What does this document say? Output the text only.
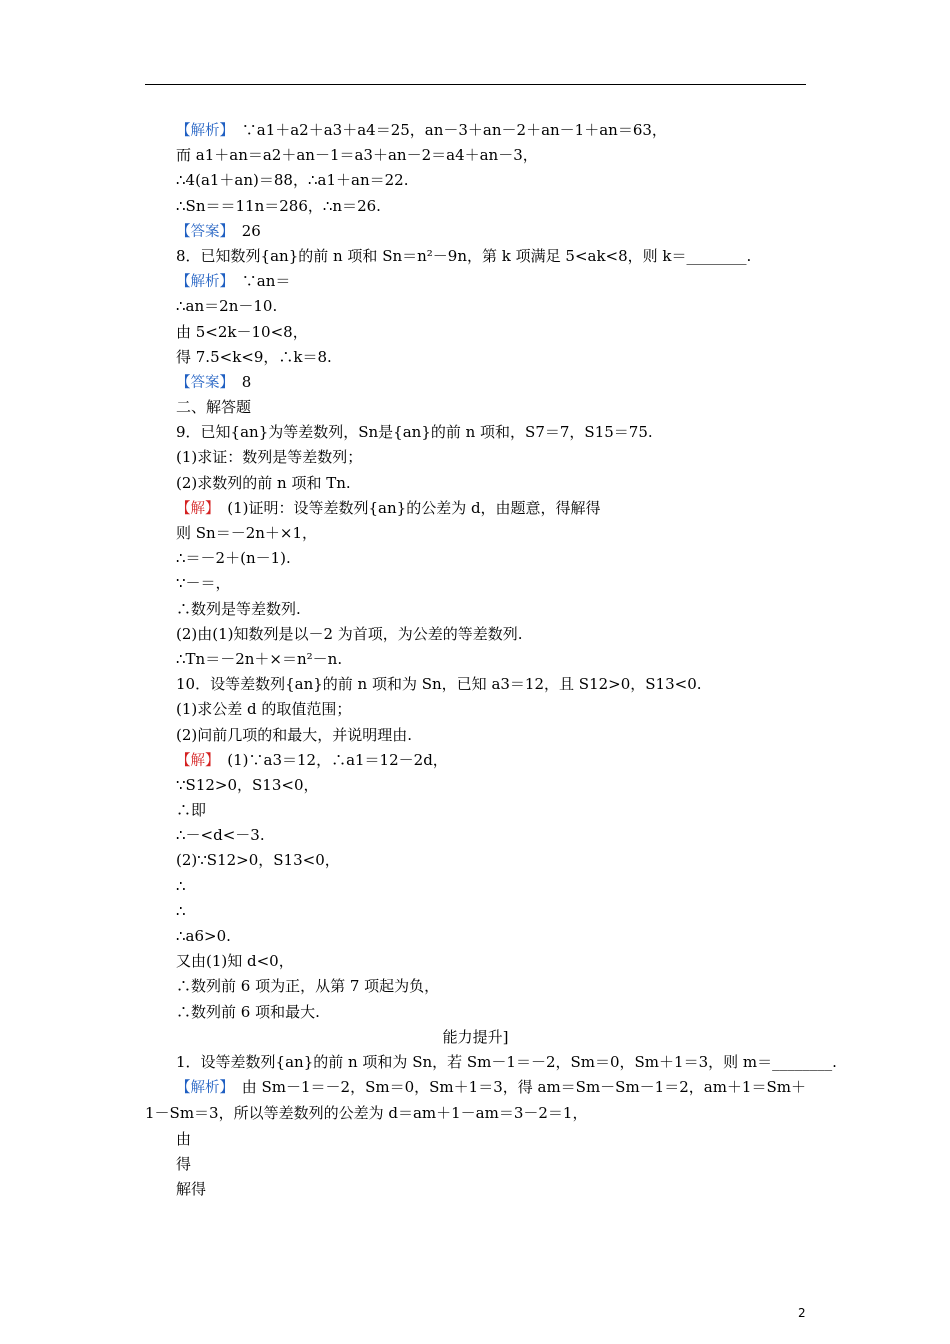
【解析】　∵a1＋a2＋a3＋a4＝25，an－3＋an－2＋an－1＋an＝63，
而 a1＋an＝a2＋an－1＝a3＋an－2＝a4＋an－3，
∴4(a1＋an)＝88，∴a1＋an＝22.
∴Sn＝＝11n＝286，∴n＝26.
【答案】　26
8．已知数列{an}的前 n 项和 Sn＝n²－9n，第 k 项满足 5<ak<8，则 k＝________.
【解析】　∵an＝
∴an＝2n－10.
由 5<2k－10<8，
得 7.5<k<9，∴k＝8.
【答案】　8
二、解答题
9．已知{an}为等差数列，Sn是{an}的前 n 项和，S7＝7，S15＝75.
(1)求证：数列是等差数列；
(2)求数列的前 n 项和 Tn.
【解】　(1)证明：设等差数列{an}的公差为 d，由题意，得解得
则 Sn＝－2n＋×1，
∴＝－2＋(n－1).
∵－＝，
∴数列是等差数列.
(2)由(1)知数列是以－2 为首项，为公差的等差数列.
∴Tn＝－2n＋×＝n²－n.
10．设等差数列{an}的前 n 项和为 Sn，已知 a3＝12，且 S12>0，S13<0.
(1)求公差 d 的取值范围；
(2)问前几项的和最大，并说明理由.
【解】　(1)∵a3＝12，∴a1＝12－2d，
∵S12>0，S13<0，
∴即
∴－<d<－3.
(2)∵S12>0，S13<0，
∴
∴
∴a6>0.
又由(1)知 d<0，
∴数列前 6 项为正，从第 7 项起为负，
∴数列前 6 项和最大.
能力提升]
1．设等差数列{an}的前 n 项和为 Sn，若 Sm－1＝－2，Sm＝0，Sm＋1＝3，则 m＝________.
【解析】　由 Sm－1＝－2，Sm＝0，Sm＋1＝3，得 am＝Sm－Sm－1＝2，am＋1＝Sm＋1－Sm＝3，所以等差数列的公差为 d＝am＋1－am＝3－2＝1，
由
得
解得
2
